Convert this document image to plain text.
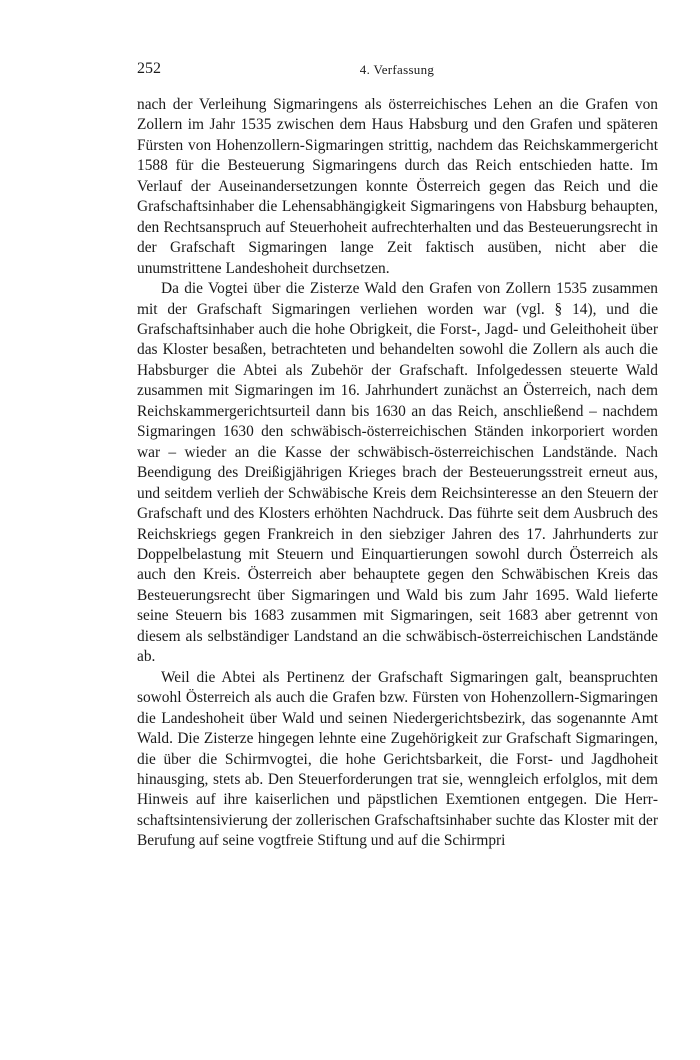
252	4. Verfassung

nach der Verleihung Sigmaringens als österreichisches Lehen an die Grafen von Zollern im Jahr 1535 zwischen dem Haus Habsburg und den Grafen und späteren Fürsten von Hohenzollern-Sigmaringen strittig, nachdem das Reichskammergericht 1588 für die Besteuerung Sigmaringens durch das Reich entschieden hatte. Im Verlauf der Auseinandersetzungen konnte Österreich gegen das Reich und die Grafschaftsinhaber die Lehensabhängigkeit Sigmaringens von Habsburg behaupten, den Rechtsanspruch auf Steuerhoheit aufrechterhalten und das Besteuerungsrecht in der Grafschaft Sigmaringen lange Zeit faktisch ausüben, nicht aber die unumstrittene Landeshoheit durchsetzen.

Da die Vogtei über die Zisterze Wald den Grafen von Zollern 1535 zusammen mit der Grafschaft Sigmaringen verliehen worden war (vgl. § 14), und die Grafschaftsinhaber auch die hohe Obrigkeit, die Forst-, Jagd- und Geleithoheit über das Kloster besaßen, betrachteten und behandelten sowohl die Zollern als auch die Habsburger die Abtei als Zubehör der Grafschaft. Infolgedessen steuerte Wald zusammen mit Sigmaringen im 16. Jahrhundert zunächst an Österreich, nach dem Reichskammergerichtsurteil dann bis 1630 an das Reich, anschließend – nachdem Sigmaringen 1630 den schwäbisch-österreichischen Ständen inkorporiert worden war – wieder an die Kasse der schwäbisch-österreichischen Landstände. Nach Beendigung des Dreißigjährigen Krieges brach der Besteuerungsstreit erneut aus, und seitdem verlieh der Schwäbische Kreis dem Reichsinteresse an den Steuern der Grafschaft und des Klosters erhöhten Nachdruck. Das führte seit dem Ausbruch des Reichskriegs gegen Frankreich in den siebziger Jahren des 17. Jahrhunderts zur Doppelbelastung mit Steuern und Einquartierungen sowohl durch Österreich als auch den Kreis. Österreich aber behauptete gegen den Schwäbischen Kreis das Besteuerungsrecht über Sigmaringen und Wald bis zum Jahr 1695. Wald lieferte seine Steuern bis 1683 zusammen mit Sigmaringen, seit 1683 aber getrennt von diesem als selbständiger Landstand an die schwäbisch-österreichischen Landstände ab.

Weil die Abtei als Pertinenz der Grafschaft Sigmaringen galt, beanspruchten sowohl Österreich als auch die Grafen bzw. Fürsten von Hohenzollern-Sigmaringen die Landeshoheit über Wald und seinen Niedergerichtsbezirk, das sogenannte Amt Wald. Die Zisterze hingegen lehnte eine Zugehörigkeit zur Grafschaft Sigmaringen, die über die Schirmvogtei, die hohe Gerichtsbarkeit, die Forst- und Jagdhoheit hinausging, stets ab. Den Steuerforderungen trat sie, wenngleich erfolglos, mit dem Hinweis auf ihre kaiserlichen und päpstlichen Exemtionen entgegen. Die Herrschaftsintensivierung der zollerischen Grafschaftsinhaber suchte das Kloster mit der Berufung auf seine vogtfreie Stiftung und auf die Schirmpri
